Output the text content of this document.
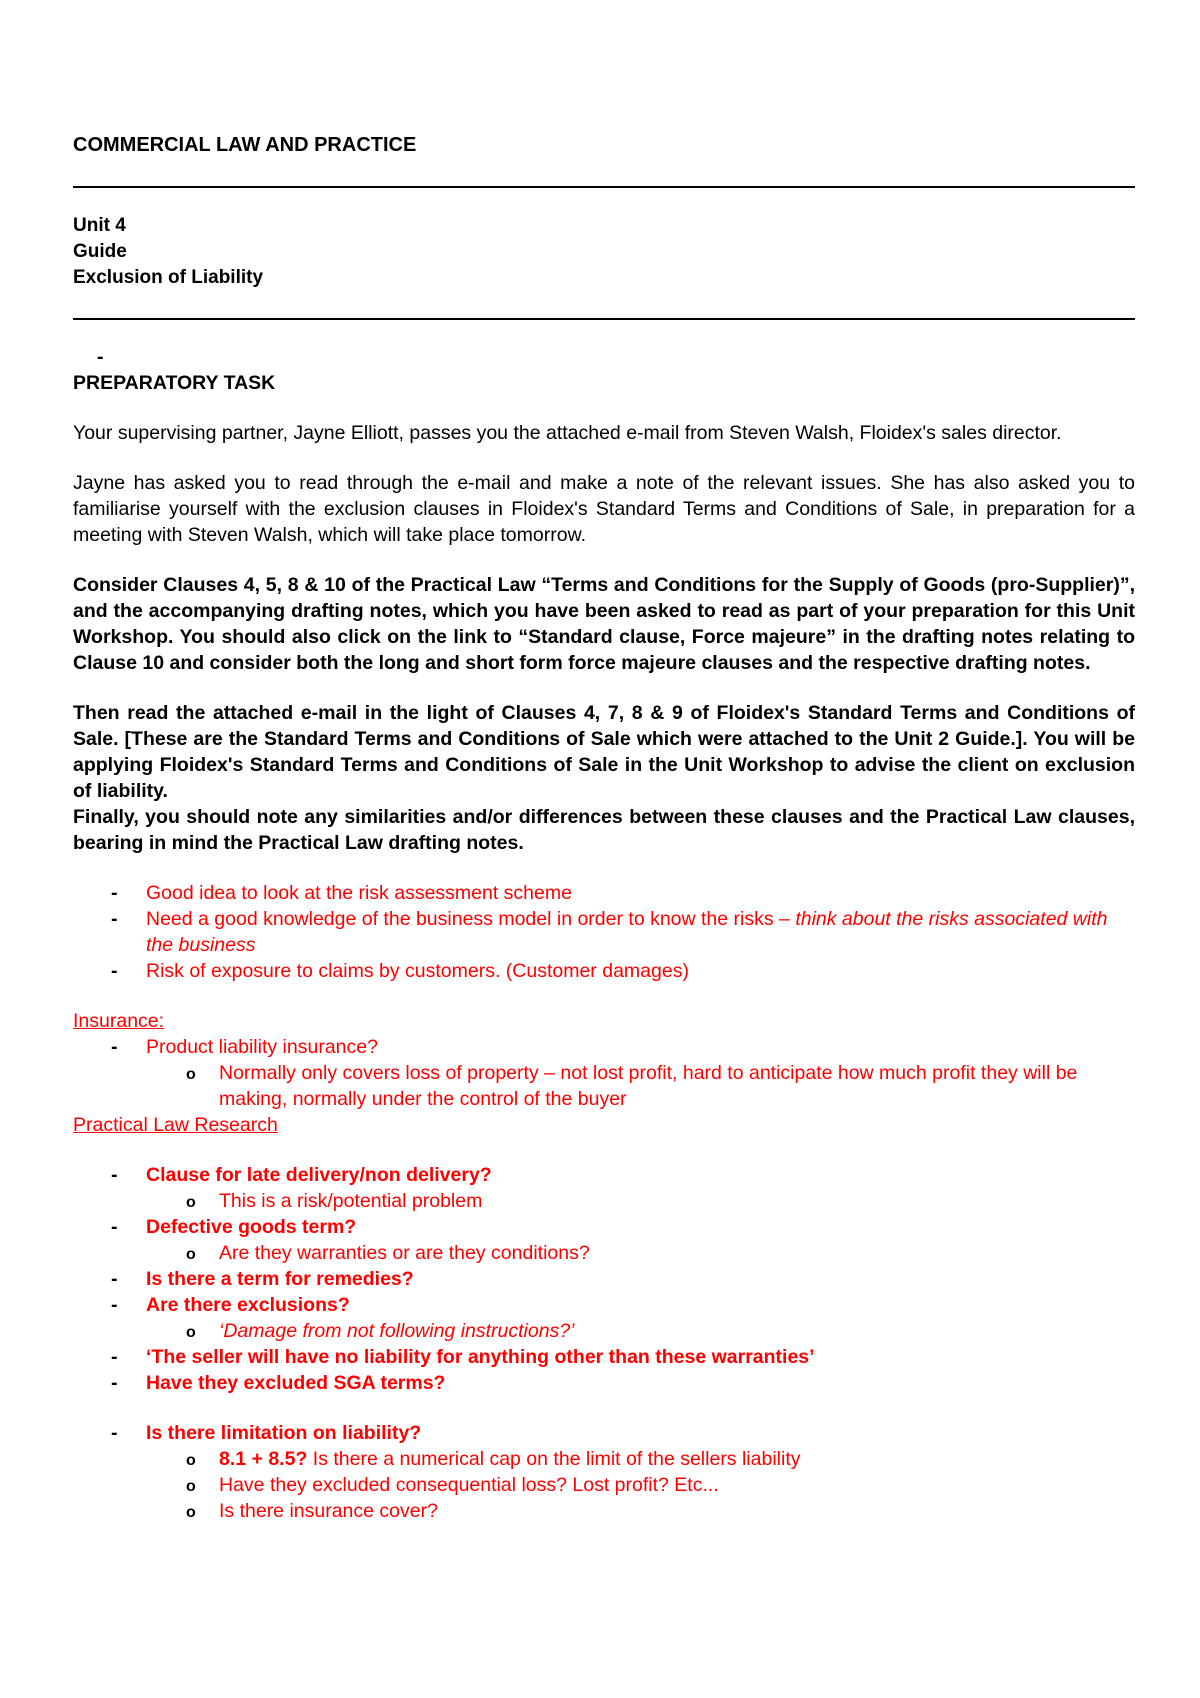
COMMERCIAL LAW AND PRACTICE
Unit 4
Guide
Exclusion of Liability
-
PREPARATORY TASK

Your supervising partner, Jayne Elliott, passes you the attached e-mail from Steven Walsh, Floidex's sales director.

Jayne has asked you to read through the e-mail and make a note of the relevant issues. She has also asked you to familiarise yourself with the exclusion clauses in Floidex's Standard Terms and Conditions of Sale, in preparation for a meeting with Steven Walsh, which will take place tomorrow.

Consider Clauses 4, 5, 8 & 10 of the Practical Law “Terms and Conditions for the Supply of Goods (pro-Supplier)”, and the accompanying drafting notes, which you have been asked to read as part of your preparation for this Unit Workshop. You should also click on the link to “Standard clause, Force majeure” in the drafting notes relating to Clause 10 and consider both the long and short form force majeure clauses and the respective drafting notes.

Then read the attached e-mail in the light of Clauses 4, 7, 8 & 9 of Floidex's Standard Terms and Conditions of Sale. [These are the Standard Terms and Conditions of Sale which were attached to the Unit 2 Guide.]. You will be applying Floidex's Standard Terms and Conditions of Sale in the Unit Workshop to advise the client on exclusion of liability.

Finally, you should note any similarities and/or differences between these clauses and the Practical Law clauses, bearing in mind the Practical Law drafting notes.

- Good idea to look at the risk assessment scheme
- Need a good knowledge of the business model in order to know the risks – think about the risks associated with the business
- Risk of exposure to claims by customers. (Customer damages)
Insurance:
- Product liability insurance?
o Normally only covers loss of property – not lost profit, hard to anticipate how much profit they will be making, normally under the control of the buyer
Practical Law Research
- Clause for late delivery/non delivery?
o This is a risk/potential problem
- Defective goods term?
o Are they warranties or are they conditions?
- Is there a term for remedies?
- Are there exclusions?
o ‘Damage from not following instructions?’
- ‘The seller will have no liability for anything other than these warranties’
- Have they excluded SGA terms?
- Is there limitation on liability?
o 8.1 + 8.5? Is there a numerical cap on the limit of the sellers liability
o Have they excluded consequential loss? Lost profit? Etc...
o Is there insurance cover?
